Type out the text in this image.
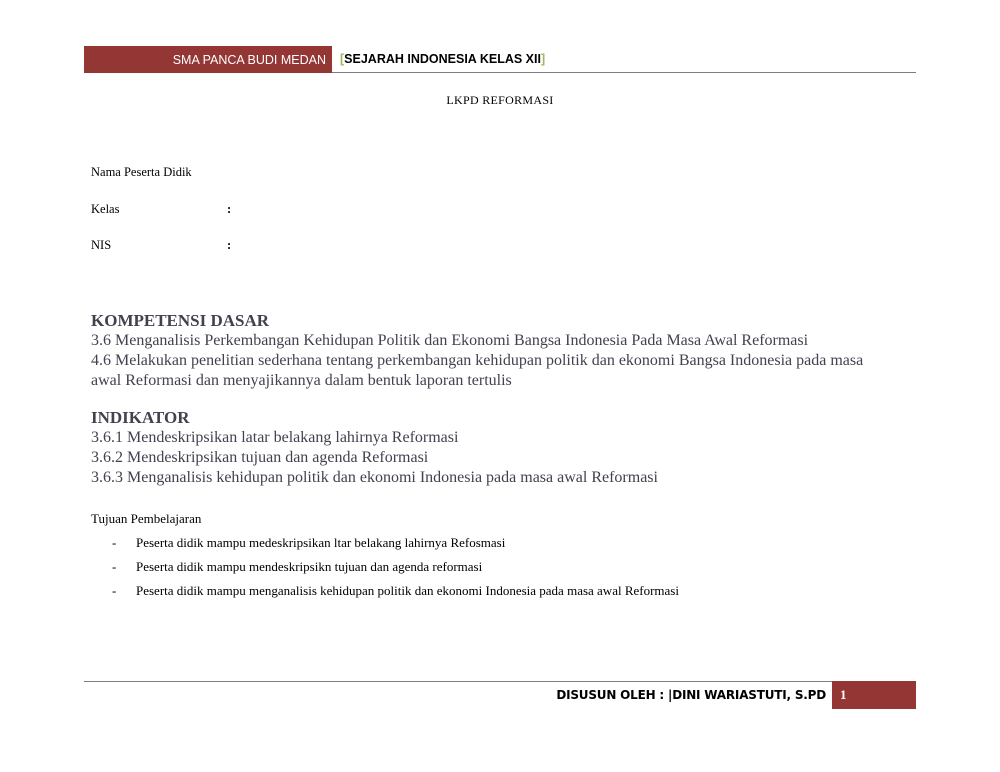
SMA PANCA BUDI MEDAN [SEJARAH INDONESIA KELAS XII]
LKPD REFORMASI
Nama Peserta Didik
Kelas	:
NIS	:
KOMPETENSI DASAR

3.6 Menganalisis Perkembangan Kehidupan Politik dan Ekonomi Bangsa Indonesia Pada Masa Awal Reformasi

4.6 Melakukan penelitian sederhana tentang perkembangan kehidupan politik dan ekonomi Bangsa Indonesia pada masa awal Reformasi dan menyajikannya dalam bentuk laporan tertulis

INDIKATOR

3.6.1 Mendeskripsikan latar belakang lahirnya Reformasi

3.6.2 Mendeskripsikan tujuan dan agenda Reformasi

3.6.3 Menganalisis kehidupan politik dan ekonomi Indonesia pada masa awal Reformasi

Tujuan Pembelajaran
- Peserta didik mampu medeskripsikan ltar belakang lahirnya Refosmasi
- Peserta didik mampu mendeskripsikn tujuan dan agenda reformasi
- Peserta didik mampu menganalisis kehidupan politik dan ekonomi Indonesia pada masa awal Reformasi
DISUSUN OLEH : |DINI WARIASTUTI, S.PD 1
